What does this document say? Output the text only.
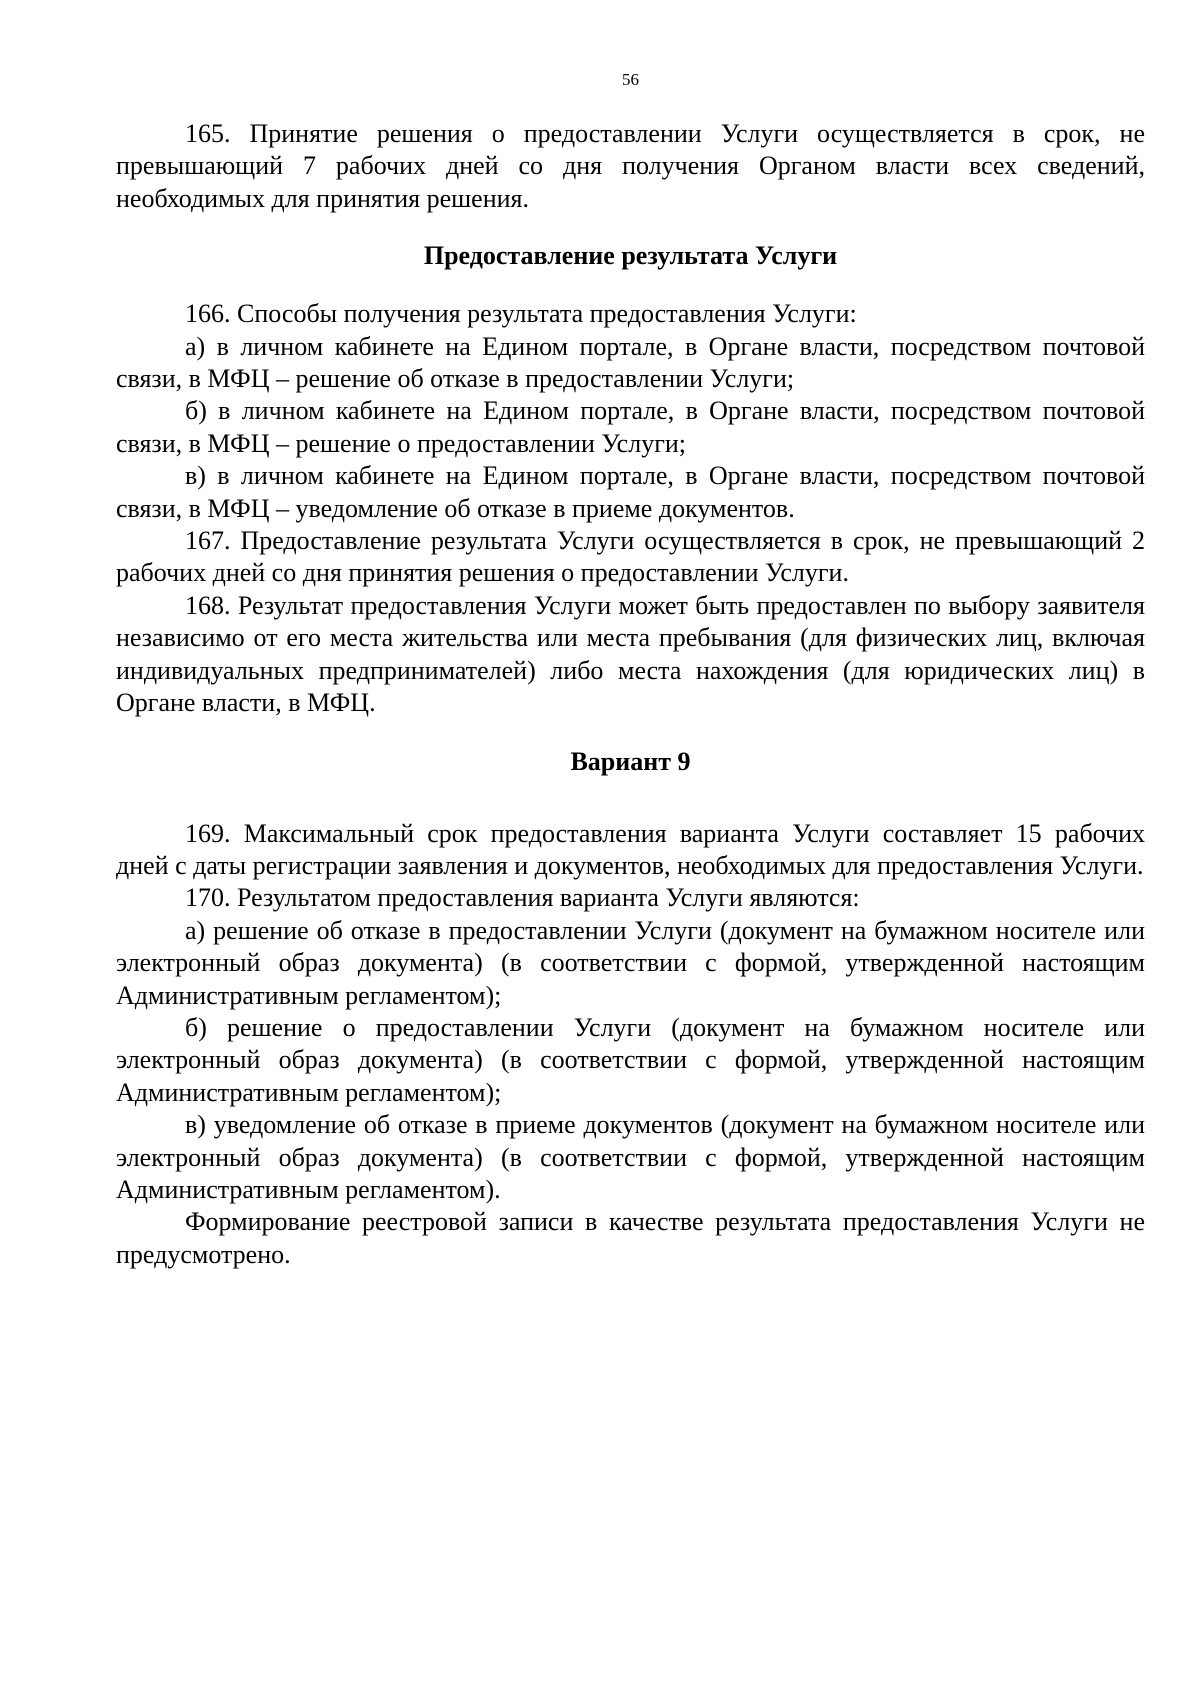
56

165. Принятие решения о предоставлении Услуги осуществляется в срок, не превышающий 7 рабочих дней со дня получения Органом власти всех сведений, необходимых для принятия решения.

Предоставление результата Услуги

166. Способы получения результата предоставления Услуги:

а) в личном кабинете на Едином портале, в Органе власти, посредством почтовой связи, в МФЦ – решение об отказе в предоставлении Услуги;

б) в личном кабинете на Едином портале, в Органе власти, посредством почтовой связи, в МФЦ – решение о предоставлении Услуги;

в) в личном кабинете на Едином портале, в Органе власти, посредством почтовой связи, в МФЦ – уведомление об отказе в приеме документов.

167. Предоставление результата Услуги осуществляется в срок, не превышающий 2 рабочих дней со дня принятия решения о предоставлении Услуги.

168. Результат предоставления Услуги может быть предоставлен по выбору заявителя независимо от его места жительства или места пребывания (для физических лиц, включая индивидуальных предпринимателей) либо места нахождения (для юридических лиц) в Органе власти, в МФЦ.

Вариант 9

169. Максимальный срок предоставления варианта Услуги составляет 15 рабочих дней с даты регистрации заявления и документов, необходимых для предоставления Услуги.

170. Результатом предоставления варианта Услуги являются:

а) решение об отказе в предоставлении Услуги (документ на бумажном носителе или электронный образ документа) (в соответствии с формой, утвержденной настоящим Административным регламентом);

б) решение о предоставлении Услуги (документ на бумажном носителе или электронный образ документа) (в соответствии с формой, утвержденной настоящим Административным регламентом);

в) уведомление об отказе в приеме документов (документ на бумажном носителе или электронный образ документа) (в соответствии с формой, утвержденной настоящим Административным регламентом).

Формирование реестровой записи в качестве результата предоставления Услуги не предусмотрено.
